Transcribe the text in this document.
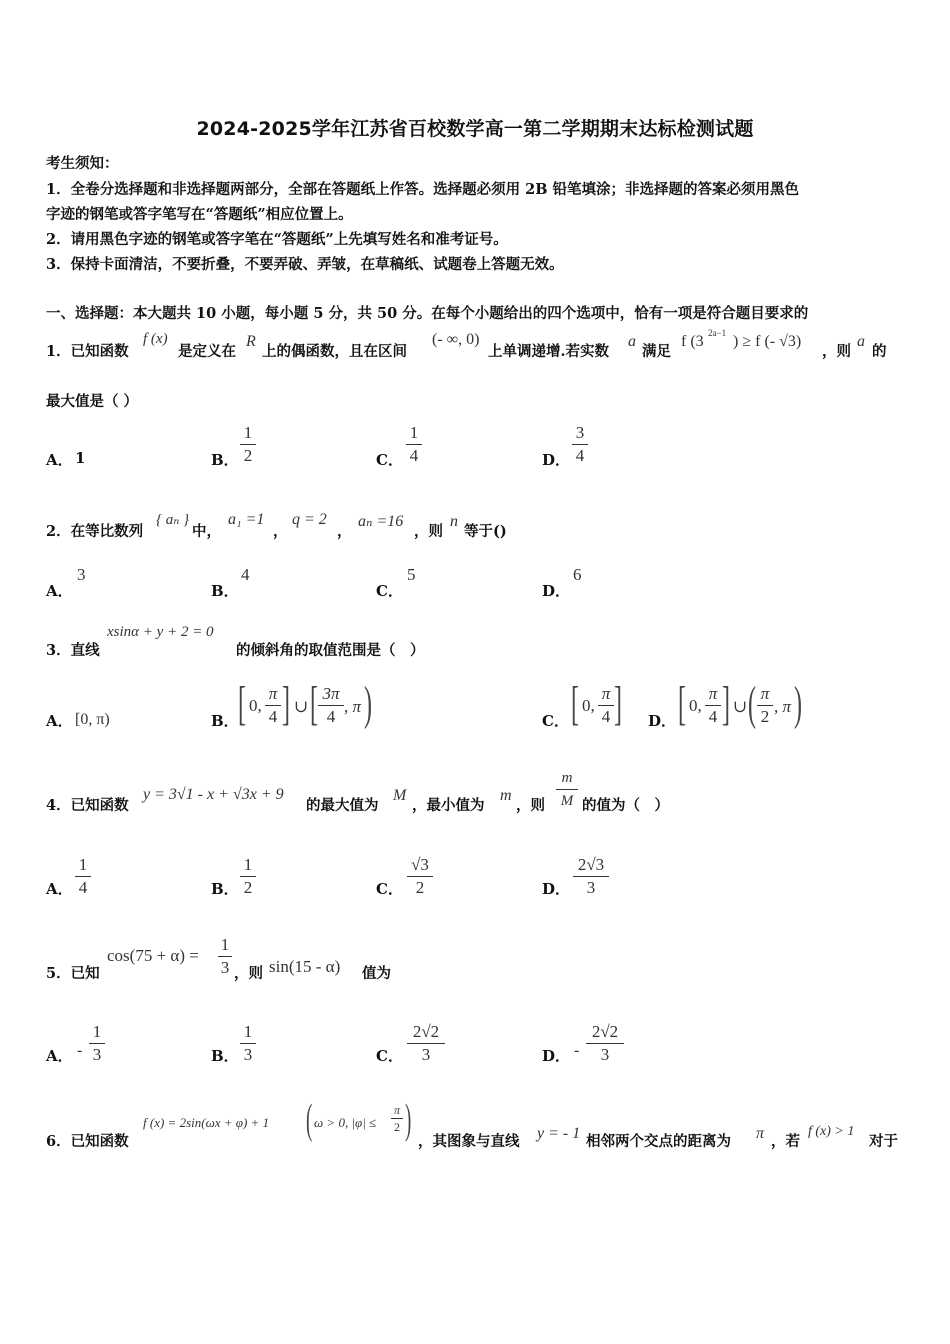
2024-2025学年江苏省百校数学高一第二学期期末达标检测试题
考生须知：
1．全卷分选择题和非选择题两部分，全部在答题纸上作答。选择题必须用 2B 铅笔填涂；非选择题的答案必须用黑色
字迹的钢笔或答字笔写在“答题纸”相应位置上。
2．请用黑色字迹的钢笔或答字笔在“答题纸”上先填写姓名和准考证号。
3．保持卡面清洁，不要折叠，不要弄破、弄皱，在草稿纸、试题卷上答题无效。
一、选择题：本大题共 10 小题，每小题 5 分，共 50 分。在每个小题给出的四个选项中，恰有一项是符合题目要求的
1．已知函数
f (x)
是定义在
R
上的偶函数，且在区间
(- ∞, 0)
上单调递增.若实数
a
满足
f (3 2a−1 ) ≥ f (- √3)
，则
a
的
最大值是（ ）
A． 1	B．
1
2	C．
1
4	D．
3
4
2．在等比数列
{ aₙ }
中，
a₁ =1
，
q = 2
，
aₙ =16
，则
n
等于()
A．
3
B．
4
C．
5
D．
6
3．直线
xsinα + y + 2 = 0
的倾斜角的取值范围是（　）
A． [0, π)	B． [ 0,
π
4 ] ∪ [ 3π
4
, π )	C． [ 0,
π
4 ] D． [ 0,
π
4 ] ∪ ( π
2
, π )
4．已知函数
y = 3√1 - x + √3x + 9
的最大值为
M
，最小值为
m
，则
m
M 的值为（　）
A．
1
4	B．
1
2	C．
√3
2	D．
2√3
3
5．已知
cos(75 + α) =
1
3 ，则 sin(15 - α) 值为
A． -
1
3	B．
1
3	C．
2√2
3	D． -
2√2
3
6．已知函数
f (x) = 2sin(ωx + φ) + 1 ( ω > 0, |φ| ≤
π
2 ) ，其图象与直线 y = - 1 相邻两个交点的距离为 π ，若
f (x) > 1
对于
